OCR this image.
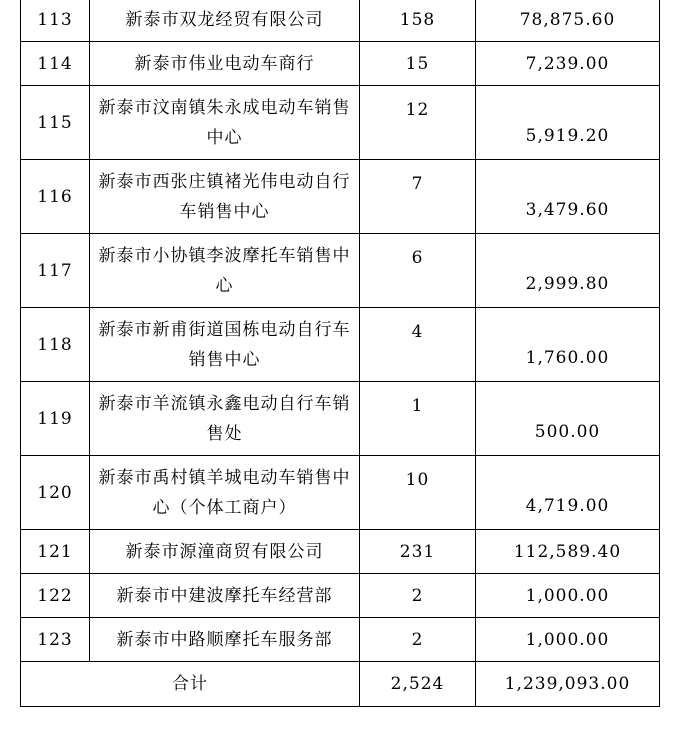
113	新泰市双龙经贸有限公司	158	78,875.60
114	新泰市伟业电动车商行	15	7,239.00
115	新泰市汶南镇朱永成电动车销售中心	12	5,919.20
116	新泰市西张庄镇褚光伟电动自行车销售中心	7	3,479.60
117	新泰市小协镇李波摩托车销售中心	6	2,999.80
118	新泰市新甫街道国栋电动自行车销售中心	4	1,760.00
119	新泰市羊流镇永鑫电动自行车销售处	1	500.00
120	新泰市禹村镇羊城电动车销售中心（个体工商户）	10	4,719.00
121	新泰市源潼商贸有限公司	231	112,589.40
122	新泰市中建波摩托车经营部	2	1,000.00
123	新泰市中路顺摩托车服务部	2	1,000.00
合计		2,524	1,239,093.00
